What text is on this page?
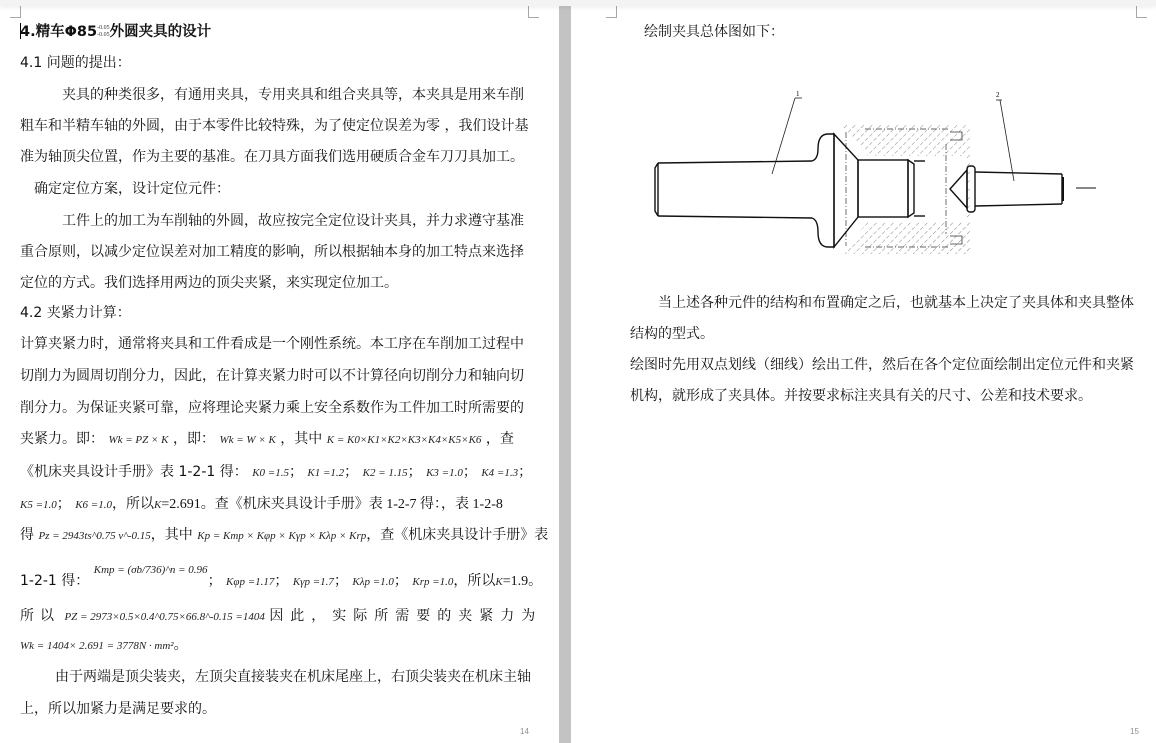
4.精车Φ85-0.05
-0.05外圆夹具的设计
4.1 问题的提出：
夹具的种类很多，有通用夹具，专用夹具和组合夹具等，本夹具是用来车削
粗车和半精车轴的外圆，由于本零件比较特殊，为了使定位误差为零 ，我们设计基
准为轴顶尖位置，作为主要的基准。在刀具方面我们选用硬质合金车刀刀具加工。
确定定位方案，设计定位元件：
工件上的加工为车削轴的外圆，故应按完全定位设计夹具，并力求遵守基准
重合原则，以减少定位误差对加工精度的影响，所以根据轴本身的加工特点来选择
定位的方式。我们选择用两边的顶尖夹紧，来实现定位加工。
4.2 夹紧力计算：
计算夹紧力时，通常将夹具和工件看成是一个刚性系统。本工序在车削加工过程中
切削力为圆周切削分力，因此，在计算夹紧力时可以不计算径向切削分力和轴向切
削分力。为保证夹紧可靠，应将理论夹紧力乘上安全系数作为工件加工时所需要的
夹紧力。即： Wk = PZ × K ，即： Wk = W × K ，其中 K = K0×K1×K2×K3×K4×K5×K6 ，查
《机床夹具设计手册》表 1-2-1 得： K0 =1.5； K1 =1.2； K2 = 1.15； K3 =1.0； K4 =1.3；
K5 =1.0； K6 =1.0，所以K=2.691。查《机床夹具设计手册》表 1-2-7 得：，表 1-2-8
得 Pz = 2943ts^0.75 v^-0.15，其中 Kp = Kmp × Kφp × Kγp × Kλp × Krp，查《机床夹具设计手册》表
1-2-1 得： $^{Kmp = (\sigma b/736)\^{}n = 0.96}$； Kφp =1.17； Kγp =1.7； Kλp =1.0； Krp =1.0，所以K=1.9。
所以 PZ = 2973×0.5×0.4^0.75×66.8^-0.15 =1404 因此，实际所需要的夹紧力为
Wk = 1404× 2.691 = 3778N · mm²。
由于两端是顶尖装夹，左顶尖直接装夹在机床尾座上，右顶尖装夹在机床主轴
上，所以加紧力是满足要求的。
14
绘制夹具总体图如下：
1	2
当上述各种元件的结构和布置确定之后，也就基本上决定了夹具体和夹具整体
结构的型式。
绘图时先用双点划线（细线）绘出工件，然后在各个定位面绘制出定位元件和夹紧
机构，就形成了夹具体。并按要求标注夹具有关的尺寸、公差和技术要求。
15
